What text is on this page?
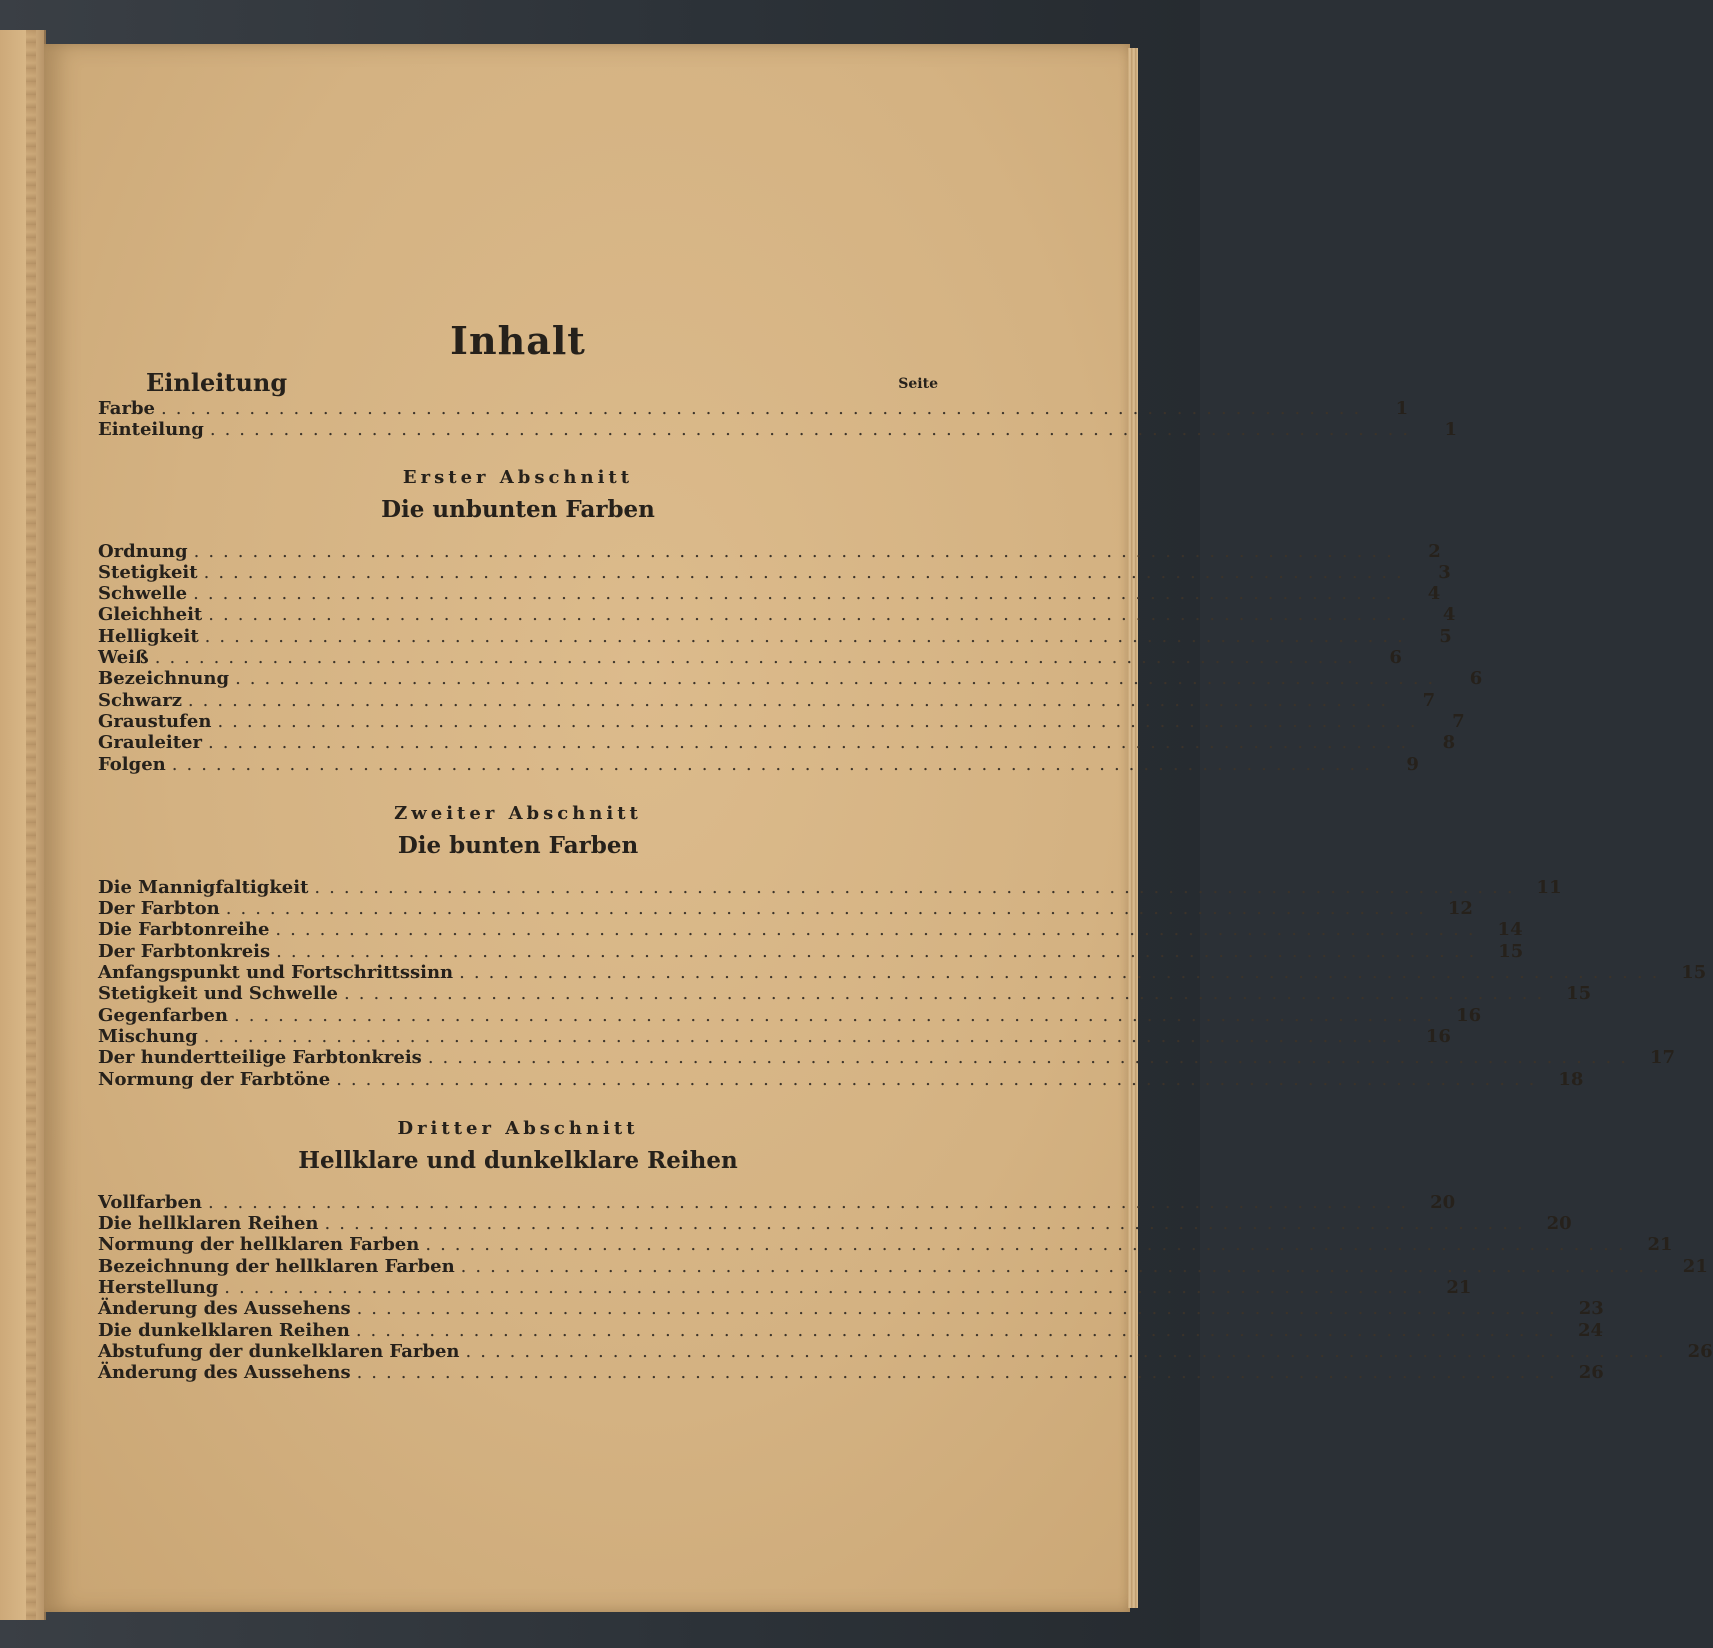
Inhalt
Einleitung	Seite
Farbe ..................................................................................	1
Einteilung ..................................................................................	1
Erster Abschnitt
Die unbunten Farben
Ordnung ..................................................................................	2
Stetigkeit ..................................................................................	3
Schwelle ..................................................................................	4
Gleichheit ..................................................................................	4
Helligkeit ..................................................................................	5
Weiß ..................................................................................	6
Bezeichnung ..................................................................................	6
Schwarz ..................................................................................	7
Graustufen ..................................................................................	7
Grauleiter ..................................................................................	8
Folgen ..................................................................................	9
Zweiter Abschnitt
Die bunten Farben
Die Mannigfaltigkeit .................................................................................. 11
Der Farbton .................................................................................. 12
Die Farbtonreihe .................................................................................. 14
Der Farbtonkreis .................................................................................. 15
Anfangspunkt und Fortschrittssinn .................................................................................. 15
Stetigkeit und Schwelle .................................................................................. 15
Gegenfarben .................................................................................. 16
Mischung .................................................................................. 16
Der hundertteilige Farbtonkreis .................................................................................. 17
Normung der Farbtöne .................................................................................. 18
Dritter Abschnitt
Hellklare und dunkelklare Reihen
Vollfarben .................................................................................. 20
Die hellklaren Reihen .................................................................................. 20
Normung der hellklaren Farben .................................................................................. 21
Bezeichnung der hellklaren Farben .................................................................................. 21
Herstellung .................................................................................. 21
Änderung des Aussehens .................................................................................. 23
Die dunkelklaren Reihen .................................................................................. 24
Abstufung der dunkelklaren Farben .................................................................................. 26
Änderung des Aussehens .................................................................................. 26
